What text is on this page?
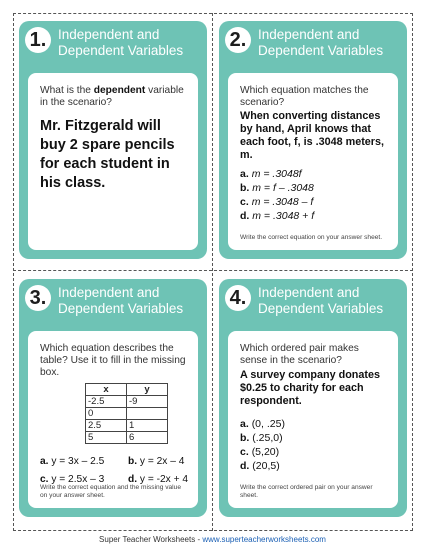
1. Independent and Dependent Variables
What is the dependent variable in the scenario?
Mr. Fitzgerald will buy 2 spare pencils for each student in his class.
2. Independent and Dependent Variables
Which equation matches the scenario?
When converting distances by hand, April knows that each foot, f, is .3048 meters, m.
a. m = .3048f
b. m = f – .3048
c. m = .3048 – f
d. m = .3048 + f
Write the correct equation on your answer sheet.
3. Independent and Dependent Variables
Which equation describes the table? Use it to fill in the missing box.
x	y
-2.5	-9
0	
2.5	1
5	6
a. y = 3x – 2.5 b. y = 2x – 4
c. y = 2.5x – 3 d. y = -2x + 4
Write the correct equation and the missing value on your answer sheet.
4. Independent and Dependent Variables
Which ordered pair makes sense in the scenario?
A survey company donates $0.25 to charity for each respondent.
a. (0, .25)
b. (.25,0)
c. (5,20)
d. (20,5)
Write the correct ordered pair on your answer sheet.
Super Teacher Worksheets - www.superteacherworksheets.com
